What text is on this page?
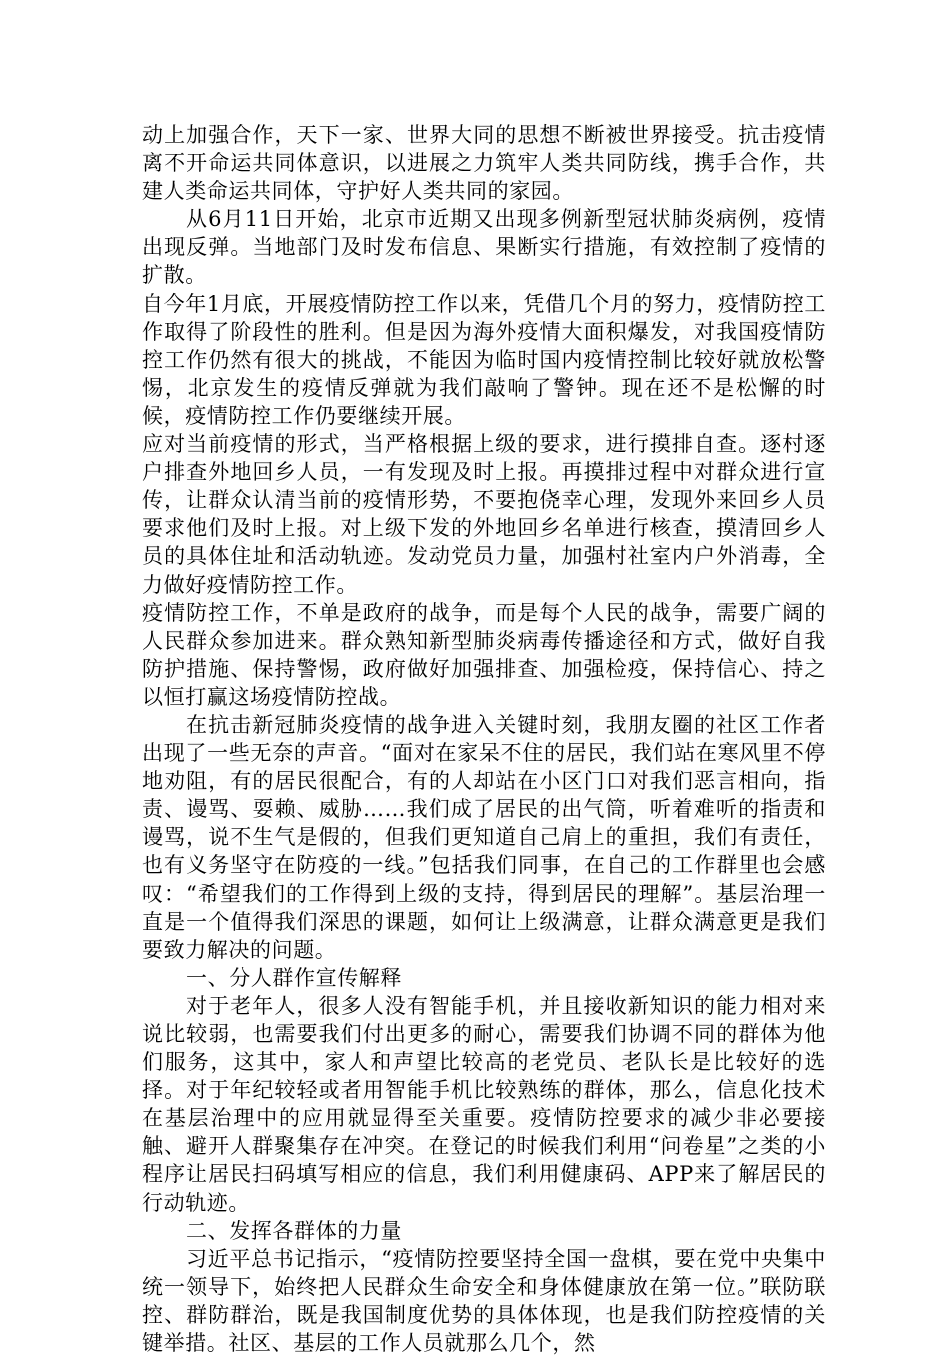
动上加强合作，天下一家、世界大同的思想不断被世界接受。抗击疫情离不开命运共同体意识，以进展之力筑牢人类共同防线，携手合作，共建人类命运共同体，守护好人类共同的家园。

从6月11日开始，北京市近期又出现多例新型冠状肺炎病例，疫情出现反弹。当地部门及时发布信息、果断实行措施，有效控制了疫情的扩散。

自今年1月底，开展疫情防控工作以来，凭借几个月的努力，疫情防控工作取得了阶段性的胜利。但是因为海外疫情大面积爆发，对我国疫情防控工作仍然有很大的挑战，不能因为临时国内疫情控制比较好就放松警惕，北京发生的疫情反弹就为我们敲响了警钟。现在还不是松懈的时候，疫情防控工作仍要继续开展。

应对当前疫情的形式，当严格根据上级的要求，进行摸排自查。逐村逐户排查外地回乡人员，一有发现及时上报。再摸排过程中对群众进行宣传，让群众认清当前的疫情形势，不要抱侥幸心理，发现外来回乡人员要求他们及时上报。对上级下发的外地回乡名单进行核查，摸清回乡人员的具体住址和活动轨迹。发动党员力量，加强村社室内户外消毒，全力做好疫情防控工作。

疫情防控工作，不单是政府的战争，而是每个人民的战争，需要广阔的人民群众参加进来。群众熟知新型肺炎病毒传播途径和方式，做好自我防护措施、保持警惕，政府做好加强排查、加强检疫，保持信心、持之以恒打赢这场疫情防控战。

在抗击新冠肺炎疫情的战争进入关键时刻，我朋友圈的社区工作者出现了一些无奈的声音。“面对在家呆不住的居民，我们站在寒风里不停地劝阻，有的居民很配合，有的人却站在小区门口对我们恶言相向，指责、谩骂、耍赖、威胁……我们成了居民的出气筒，听着难听的指责和谩骂，说不生气是假的，但我们更知道自己肩上的重担，我们有责任，也有义务坚守在防疫的一线。”包括我们同事，在自己的工作群里也会感叹：“希望我们的工作得到上级的支持，得到居民的理解”。基层治理一直是一个值得我们深思的课题，如何让上级满意，让群众满意更是我们要致力解决的问题。

一、分人群作宣传解释

对于老年人，很多人没有智能手机，并且接收新知识的能力相对来说比较弱，也需要我们付出更多的耐心，需要我们协调不同的群体为他们服务，这其中，家人和声望比较高的老党员、老队长是比较好的选择。对于年纪较轻或者用智能手机比较熟练的群体，那么，信息化技术在基层治理中的应用就显得至关重要。疫情防控要求的减少非必要接触、避开人群聚集存在冲突。在登记的时候我们利用“问卷星”之类的小程序让居民扫码填写相应的信息，我们利用健康码、APP来了解居民的行动轨迹。

二、发挥各群体的力量

习近平总书记指示，“疫情防控要坚持全国一盘棋，要在党中央集中统一领导下，始终把人民群众生命安全和身体健康放在第一位。”联防联控、群防群治，既是我国制度优势的具体体现，也是我们防控疫情的关键举措。社区、基层的工作人员就那么几个，然
